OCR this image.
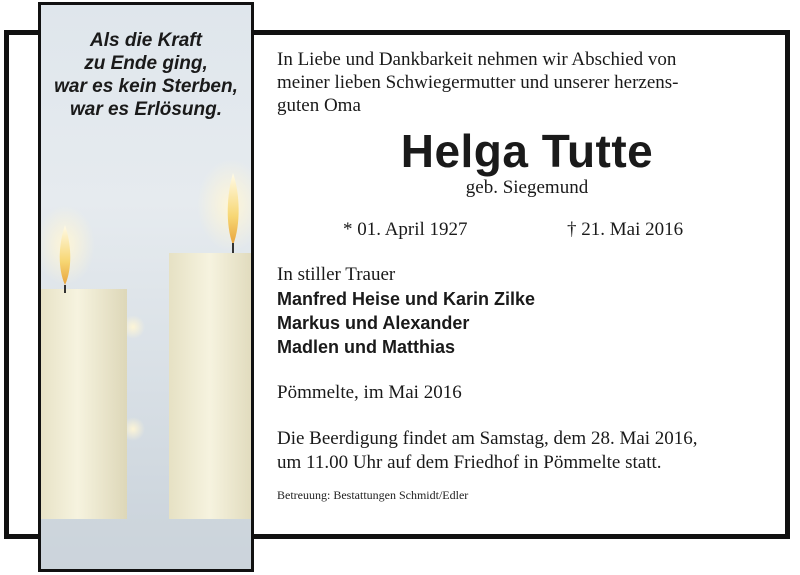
Als die Kraft
zu Ende ging,
war es kein Sterben,
war es Erlösung.
In Liebe und Dankbarkeit nehmen wir Abschied von
meiner lieben Schwiegermutter und unserer herzens-
guten Oma
Helga Tutte
geb. Siegemund
* 01. April 1927	† 21. Mai 2016
In stiller Trauer
Manfred Heise und Karin Zilke
Markus und Alexander
Madlen und Matthias
Pömmelte, im Mai 2016
Die Beerdigung findet am Samstag, dem 28. Mai 2016,
um 11.00 Uhr auf dem Friedhof in Pömmelte statt.
Betreuung: Bestattungen Schmidt/Edler
